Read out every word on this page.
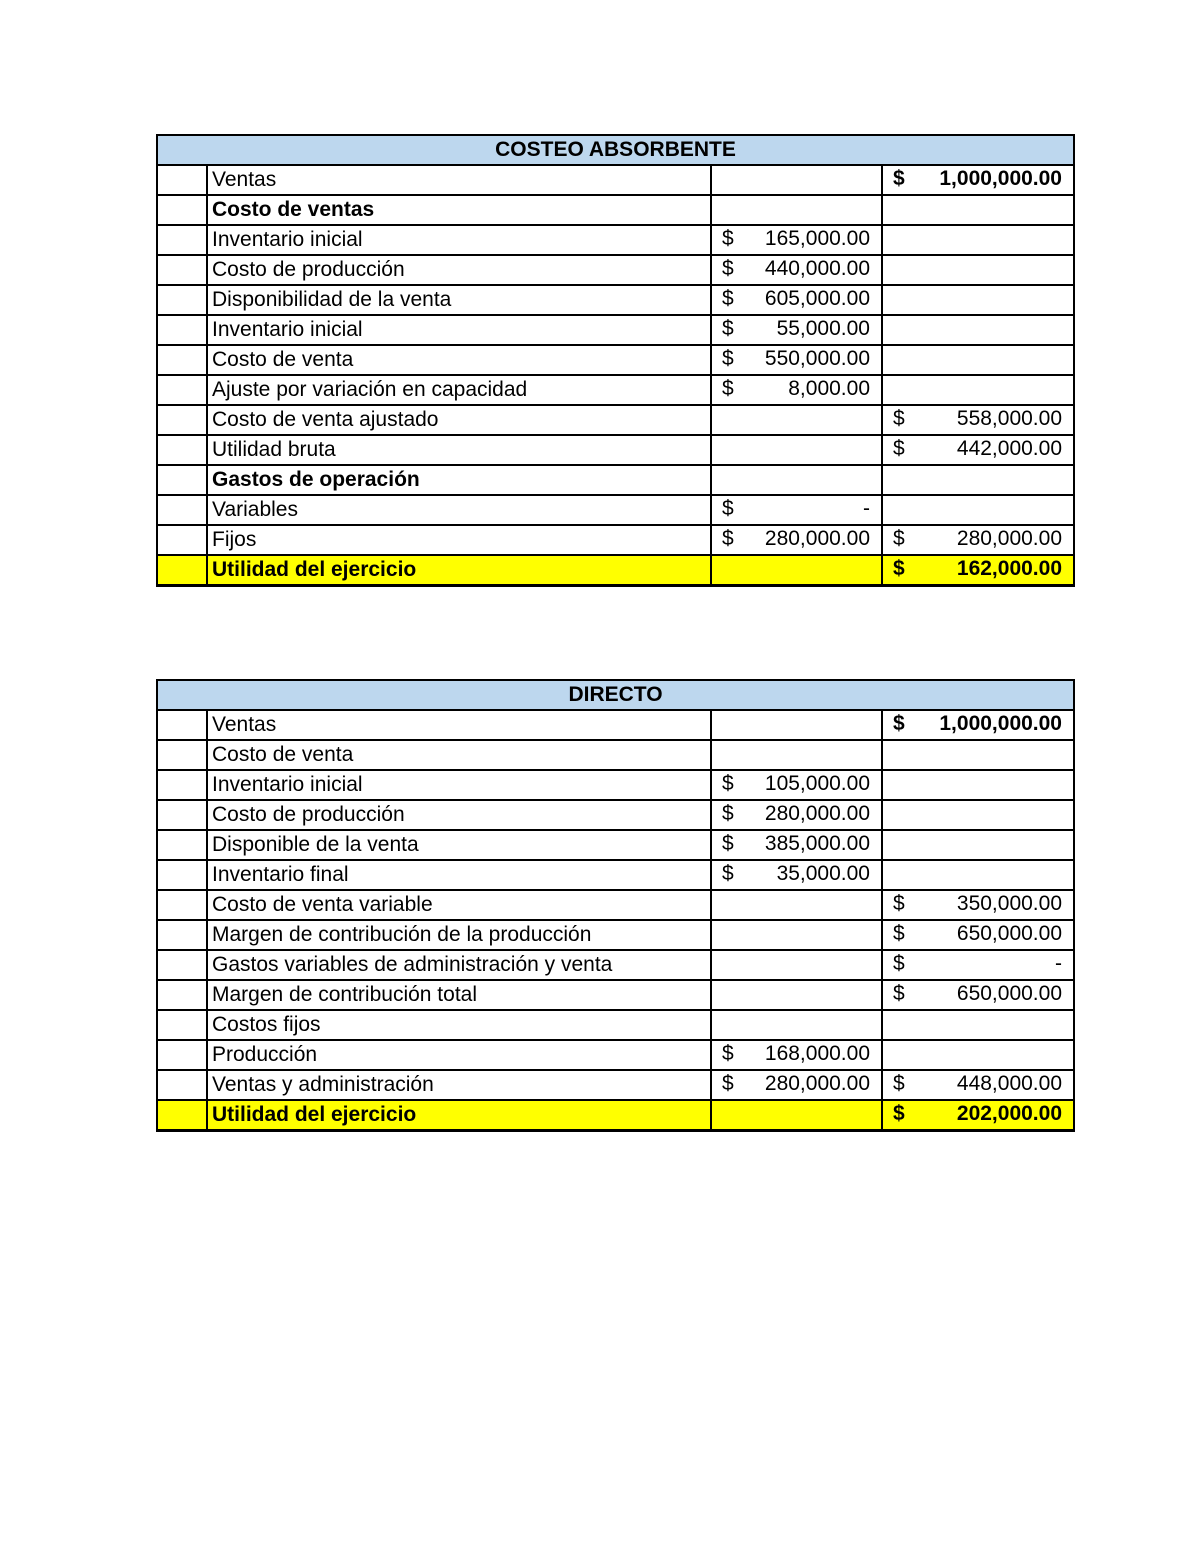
COSTEO ABSORBENTE			
	Ventas		$ 1,000,000.00

	Costo de ventas	

	Inventario inicial	$ 165,000.00	

	Costo de producción	$ 440,000.00	

	Disponibilidad de la venta	$ 605,000.00	

	Inventario inicial	$ 55,000.00	

	Costo de venta	$ 550,000.00	

	Ajuste por variación en capacidad	$ 8,000.00	

	Costo de venta ajustado		$ 558,000.00

	Utilidad bruta		$ 442,000.00

	Gastos de operación	

	Variables	$ -	

	Fijos	$ 280,000.00	$ 280,000.00

	Utilidad del ejercicio		$ 162,000.00
DIRECTO			
	Ventas		$ 1,000,000.00

	Costo de venta	

	Inventario inicial	$ 105,000.00	

	Costo de producción	$ 280,000.00	

	Disponible de la venta	$ 385,000.00	

	Inventario final	$ 35,000.00	

	Costo de venta variable		$ 350,000.00

	Margen de contribución de la producción		$ 650,000.00

	Gastos variables de administración y venta		$ -

	Margen de contribución total		$ 650,000.00

	Costos fijos	

	Producción	$ 168,000.00	

	Ventas y administración	$ 280,000.00	$ 448,000.00

	Utilidad del ejercicio		$ 202,000.00
